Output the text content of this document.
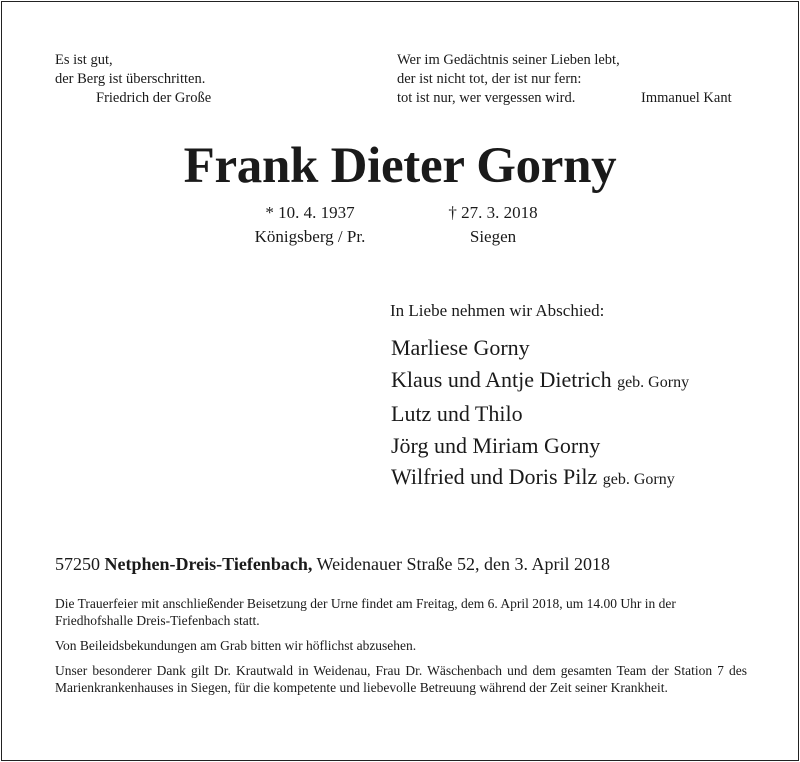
Es ist gut,
der Berg ist überschritten.
Friedrich der Große
Wer im Gedächtnis seiner Lieben lebt,
der ist nicht tot, der ist nur fern:
tot ist nur, wer vergessen wird.	Immanuel Kant
Frank Dieter Gorny
* 10. 4. 1937
Königsberg / Pr.
† 27. 3. 2018
Siegen
In Liebe nehmen wir Abschied:
Marliese Gorny
Klaus und Antje Dietrich geb. Gorny
Lutz und Thilo
Jörg und Miriam Gorny
Wilfried und Doris Pilz geb. Gorny
57250 Netphen-Dreis-Tiefenbach, Weidenauer Straße 52, den 3. April 2018
Die Trauerfeier mit anschließender Beisetzung der Urne findet am Freitag, dem 6. April 2018, um 14.00 Uhr in der Friedhofshalle Dreis-Tiefenbach statt.
Von Beileidsbekundungen am Grab bitten wir höflichst abzusehen.
Unser besonderer Dank gilt Dr. Krautwald in Weidenau, Frau Dr. Wäschenbach und dem gesamten Team der Station 7 des Marienkrankenhauses in Siegen, für die kompetente und liebevolle Betreuung während der Zeit seiner Krankheit.
